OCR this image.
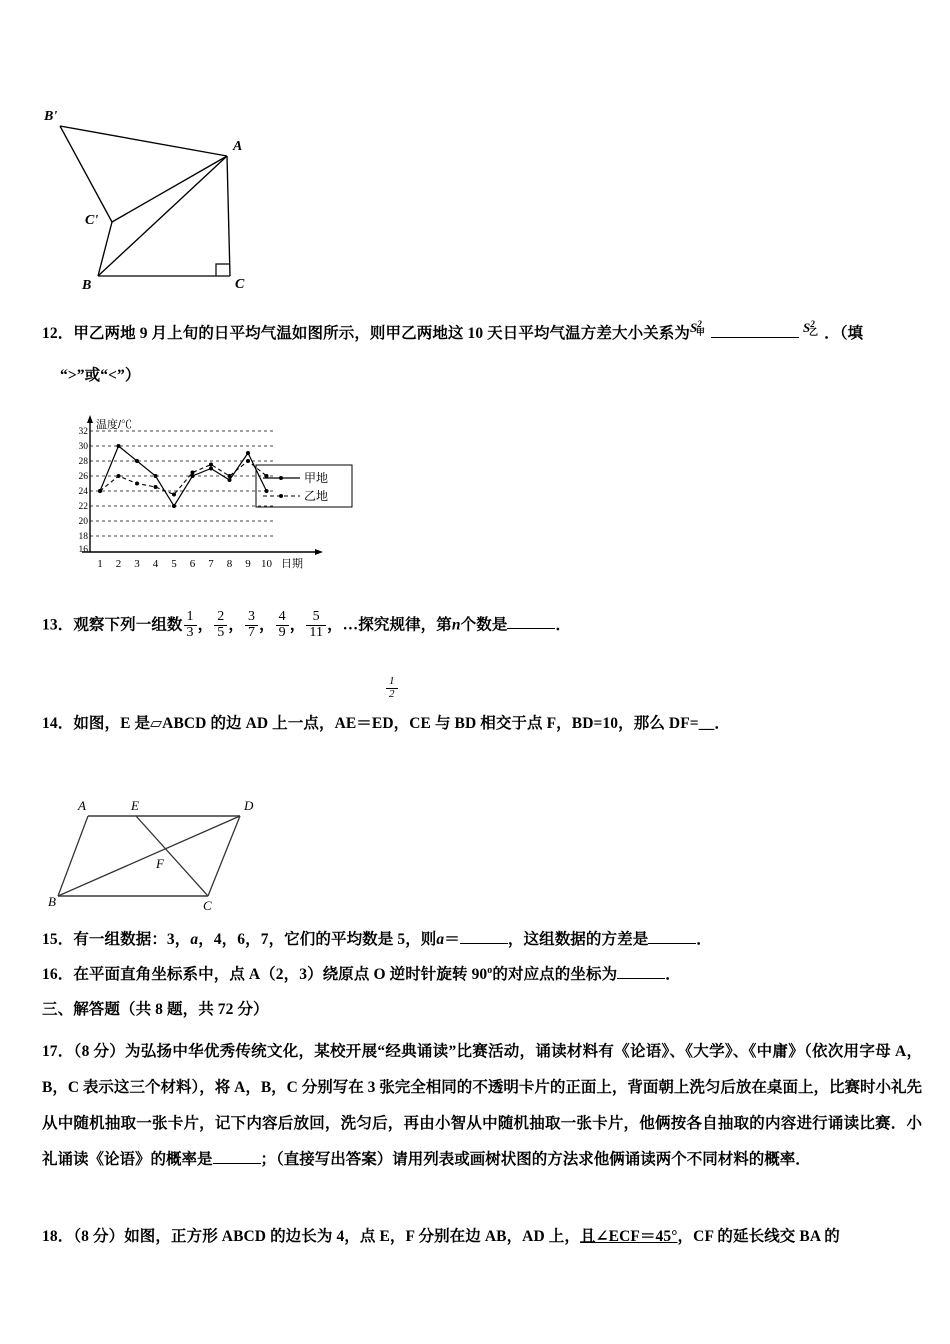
B'
A
C'
B	C
12．甲乙两地 9 月上旬的日平均气温如图所示，则甲乙两地这 10 天日平均气温方差大小关系为$S^2_甲$	$S^2_乙$ ．（填
“>”或“<”）
32
30
28
26
24
22
20
18
16
温度/℃
1 2 3 4 5 6 7 8 9 10 日期
甲地
乙地
13．观察下列一组数 $\frac{1}{3}$ ， $\frac{2}{5}$ ， $\frac{3}{7}$ ， $\frac{4}{9}$ ， $\frac{5}{11}$ ，…探究规律，第n个数是	．
$\frac{1}{2}$
14．如图，E 是▱ABCD 的边 AD 上一点，AE＝ED，CE 与 BD 相交于点 F，BD=10，那么 DF=__．
A	E	D
F
B	C
15．有一组数据：3，a，4，6，7，它们的平均数是 5，则a＝	，这组数据的方差是	．
16．在平面直角坐标系中，点 A（2，3）绕原点 O 逆时针旋转 90$^o$的对应点的坐标为	．
三、解答题（共 8 题，共 72 分）
17．（8 分）为弘扬中华优秀传统文化，某校开展“经典诵读”比赛活动，诵读材料有《论语》、《大学》、《中庸》（依次用字母 A，B，C 表示这三个材料），将 A，B，C 分别写在 3 张完全相同的不透明卡片的正面上，背面朝上洗匀后放在桌面上，比赛时小礼先从中随机抽取一张卡片，记下内容后放回，洗匀后，再由小智从中随机抽取一张卡片，他俩按各自抽取的内容进行诵读比赛．小礼诵读《论语》的概率是	；（直接写出答案）请用列表或画树状图的方法求他俩诵读两个不同材料的概率．
18．（8 分）如图，正方形 ABCD 的边长为 4，点 E，F 分别在边 AB，AD 上，且∠ECF＝45°，CF 的延长线交 BA 的
